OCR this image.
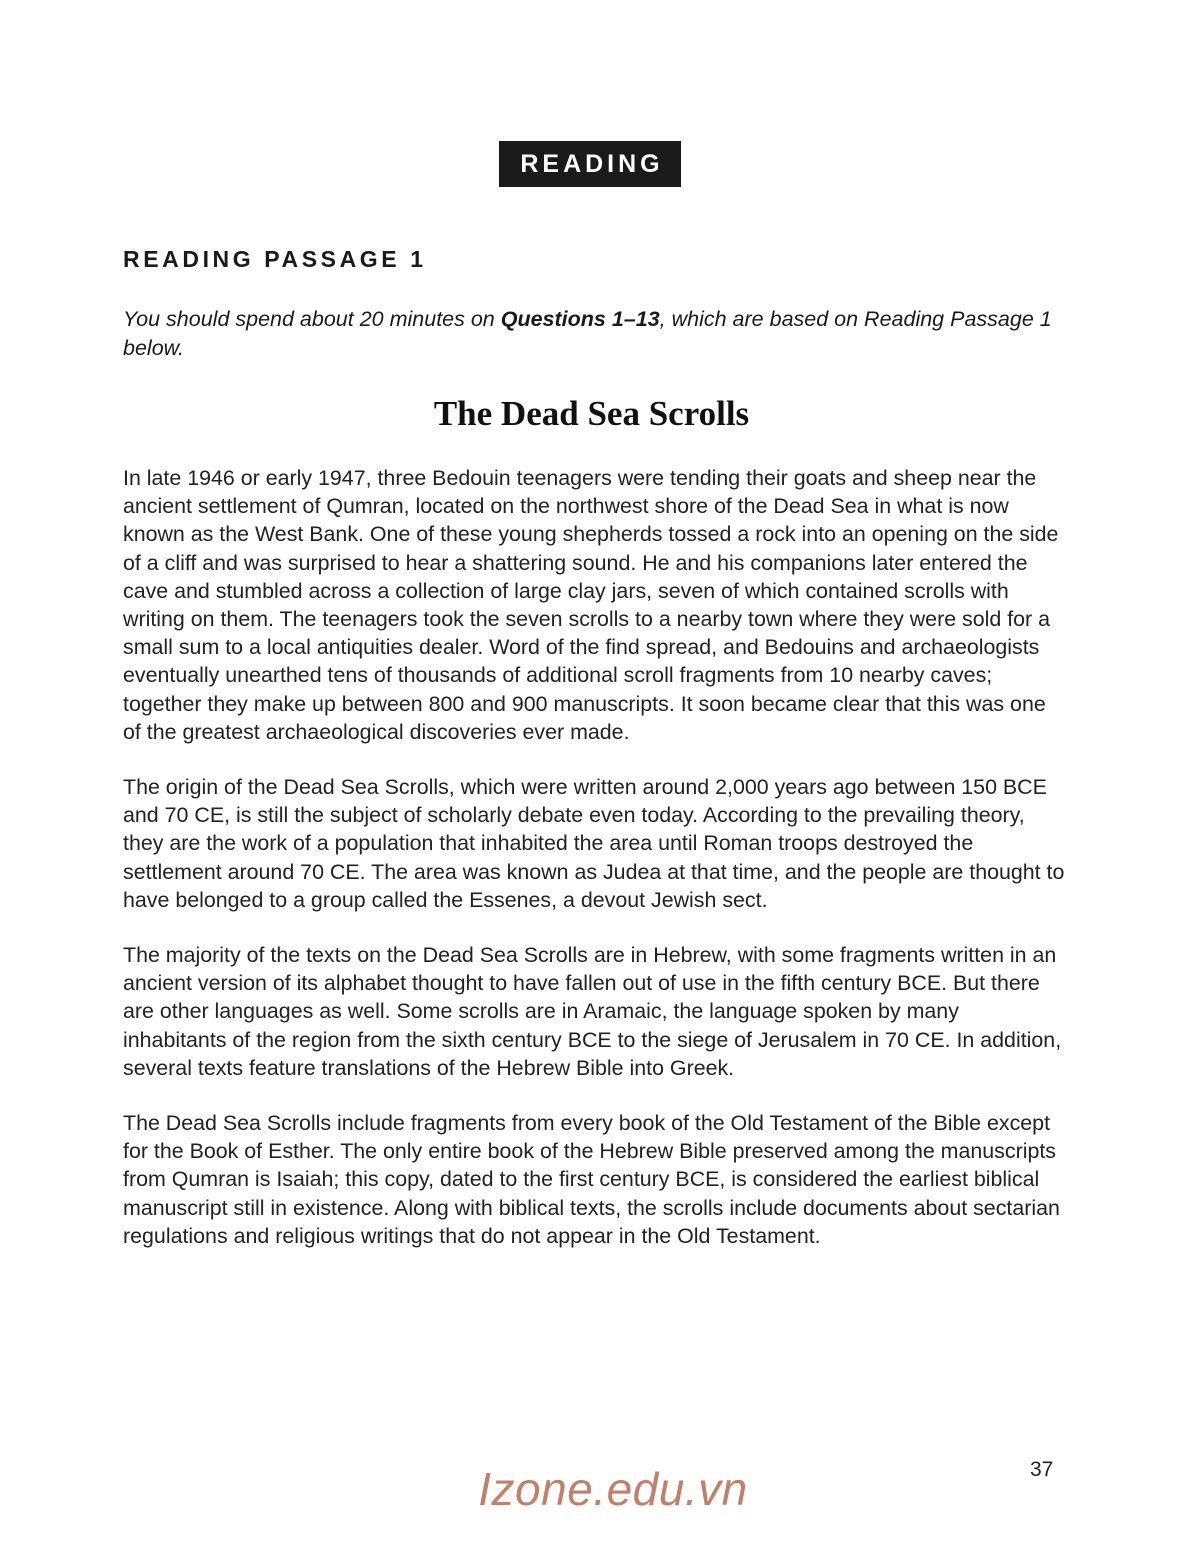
READING
READING PASSAGE 1

You should spend about 20 minutes on Questions 1–13, which are based on Reading Passage 1 below.

The Dead Sea Scrolls

In late 1946 or early 1947, three Bedouin teenagers were tending their goats and sheep near the ancient settlement of Qumran, located on the northwest shore of the Dead Sea in what is now known as the West Bank. One of these young shepherds tossed a rock into an opening on the side of a cliff and was surprised to hear a shattering sound. He and his companions later entered the cave and stumbled across a collection of large clay jars, seven of which contained scrolls with writing on them. The teenagers took the seven scrolls to a nearby town where they were sold for a small sum to a local antiquities dealer. Word of the find spread, and Bedouins and archaeologists eventually unearthed tens of thousands of additional scroll fragments from 10 nearby caves; together they make up between 800 and 900 manuscripts. It soon became clear that this was one of the greatest archaeological discoveries ever made.

The origin of the Dead Sea Scrolls, which were written around 2,000 years ago between 150 BCE and 70 CE, is still the subject of scholarly debate even today. According to the prevailing theory, they are the work of a population that inhabited the area until Roman troops destroyed the settlement around 70 CE. The area was known as Judea at that time, and the people are thought to have belonged to a group called the Essenes, a devout Jewish sect.

The majority of the texts on the Dead Sea Scrolls are in Hebrew, with some fragments written in an ancient version of its alphabet thought to have fallen out of use in the fifth century BCE. But there are other languages as well. Some scrolls are in Aramaic, the language spoken by many inhabitants of the region from the sixth century BCE to the siege of Jerusalem in 70 CE. In addition, several texts feature translations of the Hebrew Bible into Greek.

The Dead Sea Scrolls include fragments from every book of the Old Testament of the Bible except for the Book of Esther. The only entire book of the Hebrew Bible preserved among the manuscripts from Qumran is Isaiah; this copy, dated to the first century BCE, is considered the earliest biblical manuscript still in existence. Along with biblical texts, the scrolls include documents about sectarian regulations and religious writings that do not appear in the Old Testament.

37
Izone.edu.vn
